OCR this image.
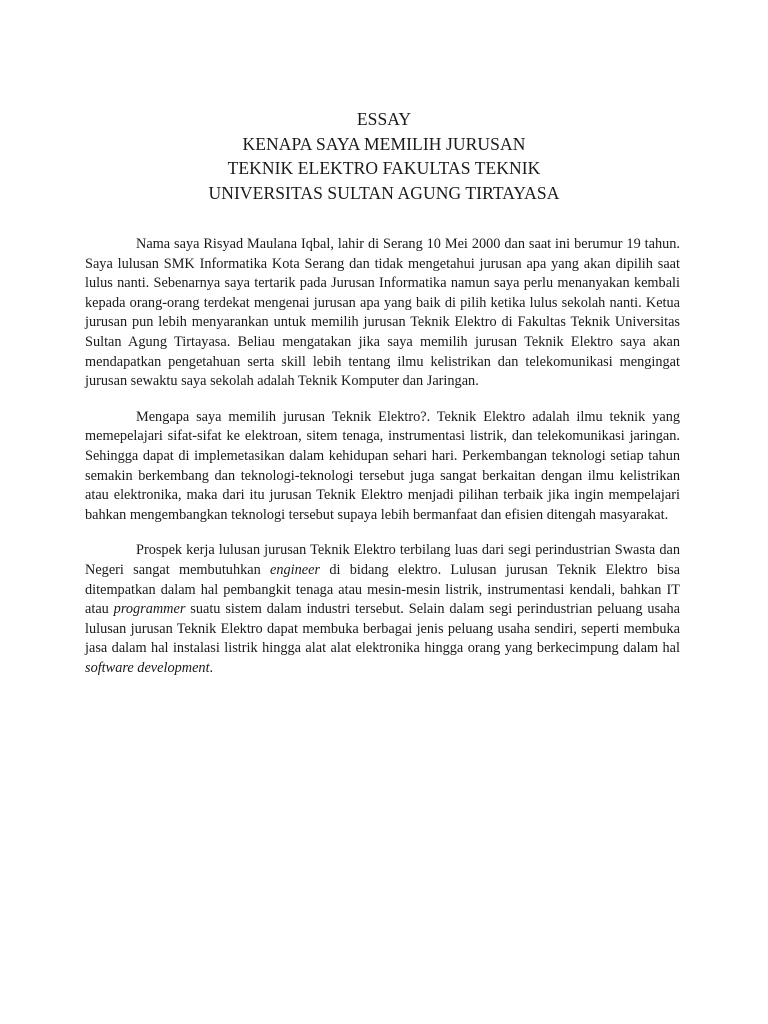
ESSAY
KENAPA SAYA MEMILIH JURUSAN
TEKNIK ELEKTRO FAKULTAS TEKNIK
UNIVERSITAS SULTAN AGUNG TIRTAYASA

Nama saya Risyad Maulana Iqbal, lahir di Serang 10 Mei 2000 dan saat ini berumur 19 tahun. Saya lulusan SMK Informatika Kota Serang dan tidak mengetahui jurusan apa yang akan dipilih saat lulus nanti. Sebenarnya saya tertarik pada Jurusan Informatika namun saya perlu menanyakan kembali kepada orang-orang terdekat mengenai jurusan apa yang baik di pilih ketika lulus sekolah nanti. Ketua jurusan pun lebih menyarankan untuk memilih jurusan Teknik Elektro di Fakultas Teknik Universitas Sultan Agung Tirtayasa. Beliau mengatakan jika saya memilih jurusan Teknik Elektro saya akan mendapatkan pengetahuan serta skill lebih tentang ilmu kelistrikan dan telekomunikasi mengingat jurusan sewaktu saya sekolah adalah Teknik Komputer dan Jaringan.

Mengapa saya memilih jurusan Teknik Elektro?. Teknik Elektro adalah ilmu teknik yang memepelajari sifat-sifat ke elektroan, sitem tenaga, instrumentasi listrik, dan telekomunikasi jaringan. Sehingga dapat di implemetasikan dalam kehidupan sehari hari. Perkembangan teknologi setiap tahun semakin berkembang dan teknologi-teknologi tersebut juga sangat berkaitan dengan ilmu kelistrikan atau elektronika, maka dari itu jurusan Teknik Elektro menjadi pilihan terbaik jika ingin mempelajari bahkan mengembangkan teknologi tersebut supaya lebih bermanfaat dan efisien ditengah masyarakat.

Prospek kerja lulusan jurusan Teknik Elektro terbilang luas dari segi perindustrian Swasta dan Negeri sangat membutuhkan engineer di bidang elektro. Lulusan jurusan Teknik Elektro bisa ditempatkan dalam hal pembangkit tenaga atau mesin-mesin listrik, instrumentasi kendali, bahkan IT atau programmer suatu sistem dalam industri tersebut. Selain dalam segi perindustrian peluang usaha lulusan jurusan Teknik Elektro dapat membuka berbagai jenis peluang usaha sendiri, seperti membuka jasa dalam hal instalasi listrik hingga alat alat elektronika hingga orang yang berkecimpung dalam hal software development.
